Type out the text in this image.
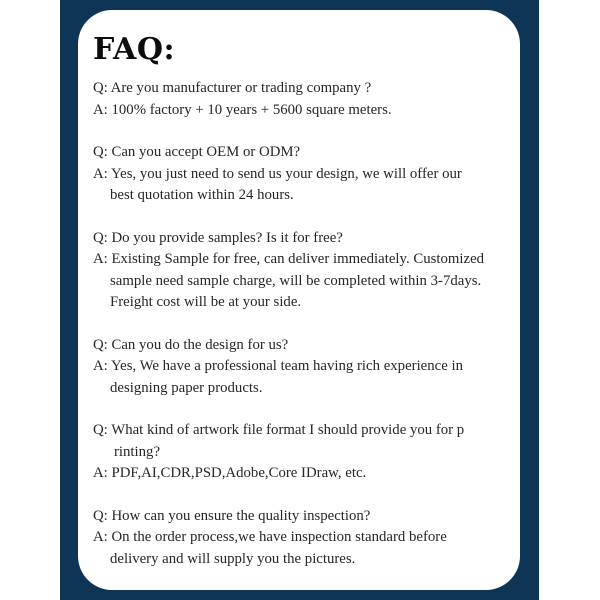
FAQ:
Q: Are you manufacturer or trading company ?
A: 100% factory + 10 years + 5600 square meters.
Q: Can you accept OEM or ODM?
A: Yes, you just need to send us your design, we will offer our
best quotation within 24 hours.
Q: Do you provide samples? Is it for free?
A: Existing Sample for free, can deliver immediately. Customized
sample need sample charge, will be completed within 3-7days.
Freight cost will be at your side.
Q: Can you do the design for us?
A: Yes, We have a professional team having rich experience in
designing paper products.
Q: What kind of artwork file format I should provide you for p
rinting?
A: PDF,AI,CDR,PSD,Adobe,Core IDraw, etc.
Q: How can you ensure the quality inspection?
A: On the order process,we have inspection standard before
delivery and will supply you the pictures.
